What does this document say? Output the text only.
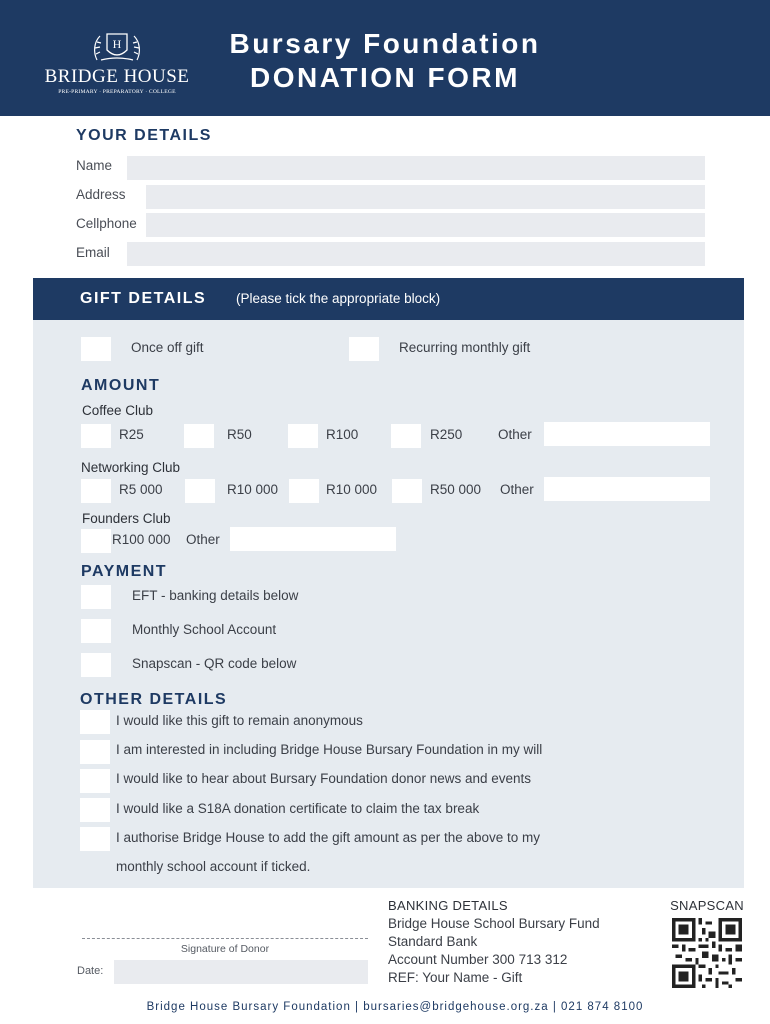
H
BRIDGE HOUSE
PRE-PRIMARY · PREPARATORY · COLLEGE
Bursary Foundation
DONATION FORM
YOUR DETAILS
Name
Address
Cellphone
Email
GIFT DETAILS (Please tick the appropriate block)
Once off gift	Recurring monthly gift
AMOUNT
Coffee Club
R25	R50	R100	R250	Other
Networking Club
R5 000	R10 000	R10 000	R50 000 Other
Founders Club
R100 000 Other
PAYMENT
EFT - banking details below
Monthly School Account
Snapscan - QR code below
OTHER DETAILS
I would like this gift to remain anonymous
I am interested in including Bridge House Bursary Foundation in my will
I would like to hear about Bursary Foundation donor news and events
I would like a S18A donation certificate to claim the tax break
I authorise Bridge House to add the gift amount as per the above to my
monthly school account if ticked.
Signature of Donor
Date:
BANKING DETAILS
Bridge House School Bursary Fund
Standard Bank
Account Number 300 713 312
REF: Your Name - Gift
SNAPSCAN
Bridge House Bursary Foundation | bursaries@bridgehouse.org.za | 021 874 8100
